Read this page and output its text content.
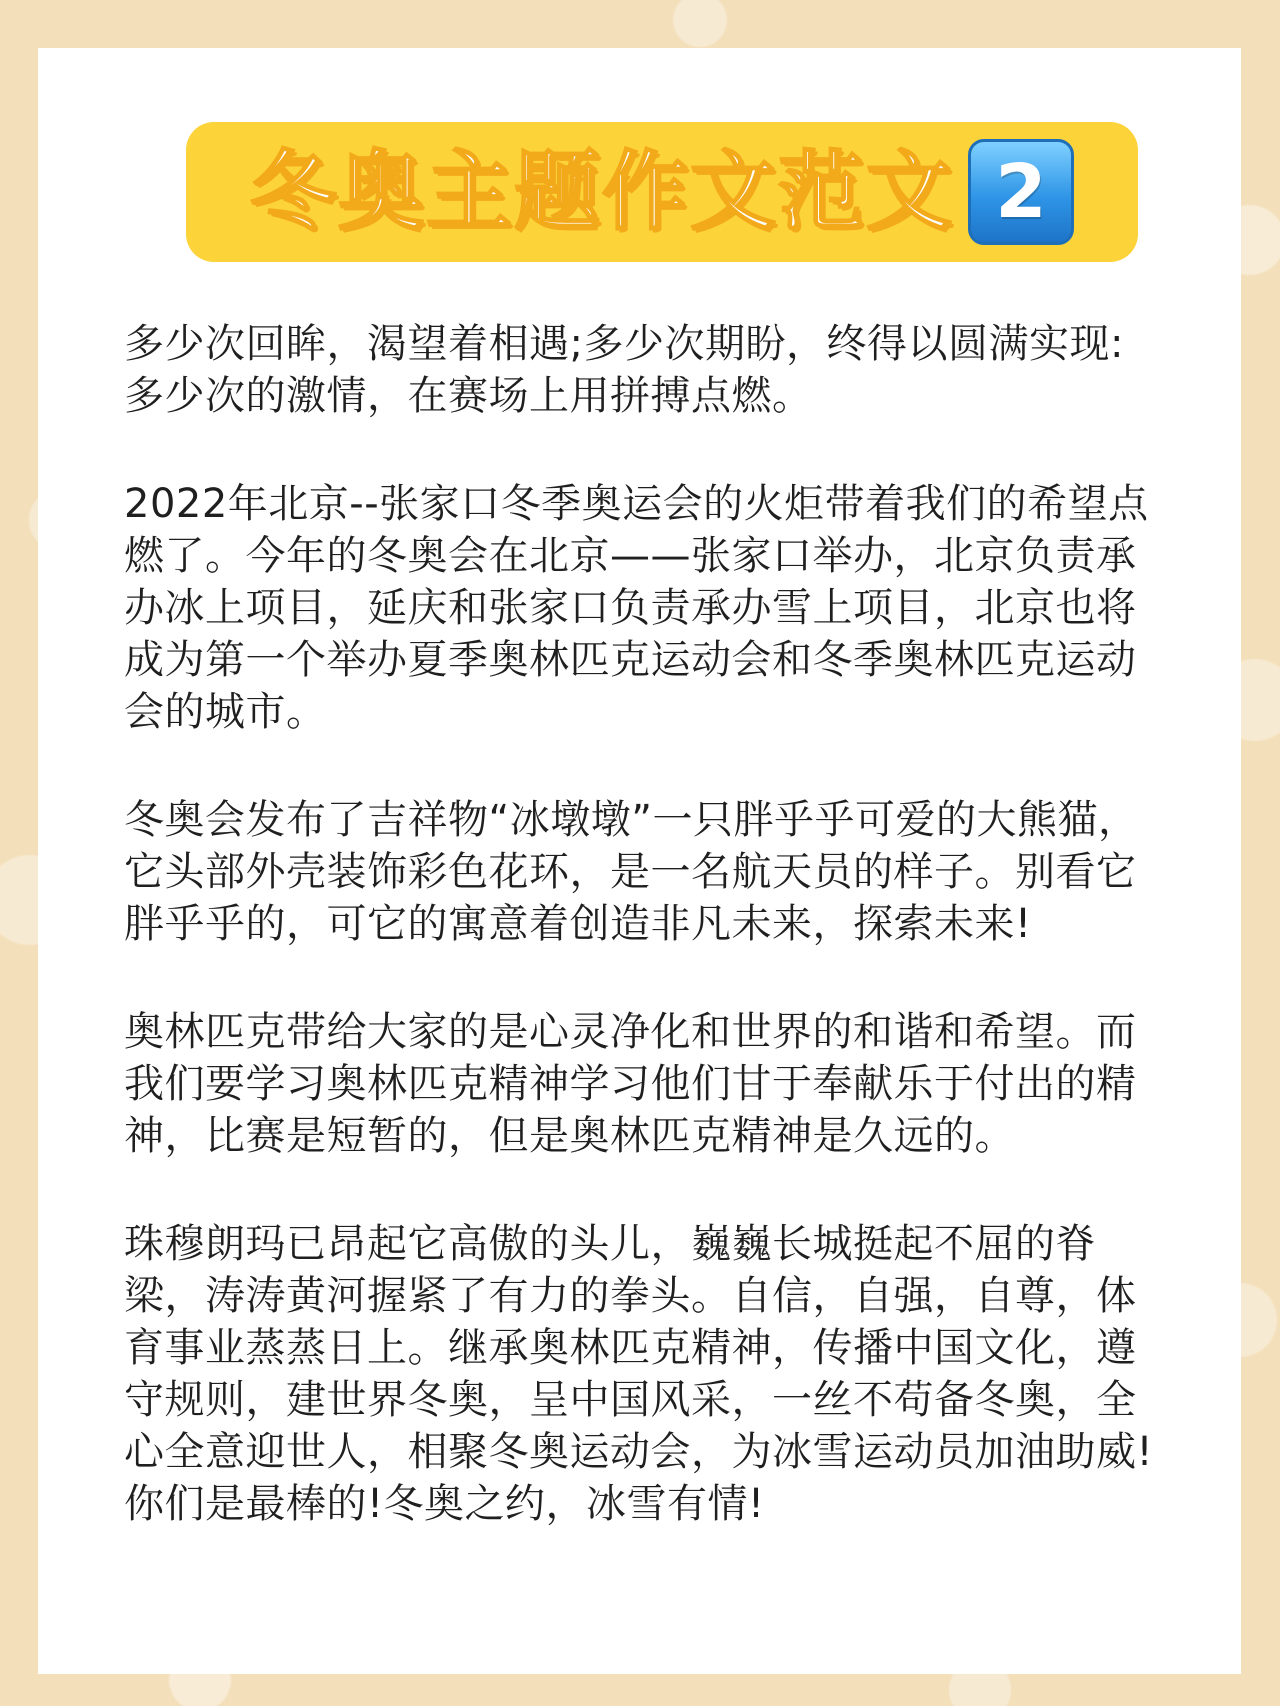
冬奥主题作文范文 2

多少次回眸，渴望着相遇;多少次期盼，终得以圆满实现:多少次的激情，在赛场上用拼搏点燃。

2022年北京--张家口冬季奥运会的火炬带着我们的希望点燃了。今年的冬奥会在北京——张家口举办，北京负责承办冰上项目，延庆和张家口负责承办雪上项目，北京也将成为第一个举办夏季奥林匹克运动会和冬季奥林匹克运动会的城市。

冬奥会发布了吉祥物“冰墩墩”一只胖乎乎可爱的大熊猫，它头部外壳装饰彩色花环，是一名航天员的样子。别看它胖乎乎的，可它的寓意着创造非凡未来，探索未来!

奥林匹克带给大家的是心灵净化和世界的和谐和希望。而我们要学习奥林匹克精神学习他们甘于奉献乐于付出的精神，比赛是短暂的，但是奥林匹克精神是久远的。

珠穆朗玛已昂起它高傲的头儿，巍巍长城挺起不屈的脊梁，涛涛黄河握紧了有力的拳头。自信，自强，自尊，体育事业蒸蒸日上。继承奥林匹克精神，传播中国文化，遵守规则，建世界冬奥，呈中国风采，一丝不苟备冬奥，全心全意迎世人，相聚冬奥运动会，为冰雪运动员加油助威!你们是最棒的!冬奥之约，冰雪有情!
